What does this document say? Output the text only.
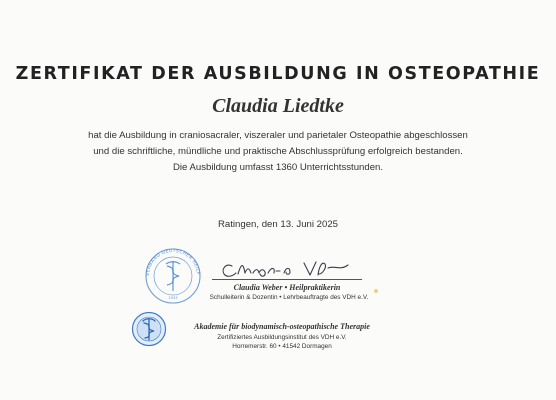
ZERTIFIKAT DER AUSBILDUNG IN OSTEOPATHIE
Claudia Liedtke
hat die Ausbildung in craniosacraler, viszeraler und parietaler Osteopathie abgeschlossen
und die schriftliche, mündliche und praktische Abschlussprüfung erfolgreich bestanden.
Die Ausbildung umfasst 1360 Unterrichtsstunden.
Ratingen, den 13. Juni 2025
VERBAND DEUTSCHER HEILP
1933
Claudia Weber • Heilpraktikerin
Schulleiterin & Dozentin • Lehrbeauftragte des VDH e.V.
Akademie für biodynamisch-osteopathische Therapie
Zertifiziertes Ausbildungsinstitut des VDH e.V.
Horremerstr. 60 • 41542 Dormagen
